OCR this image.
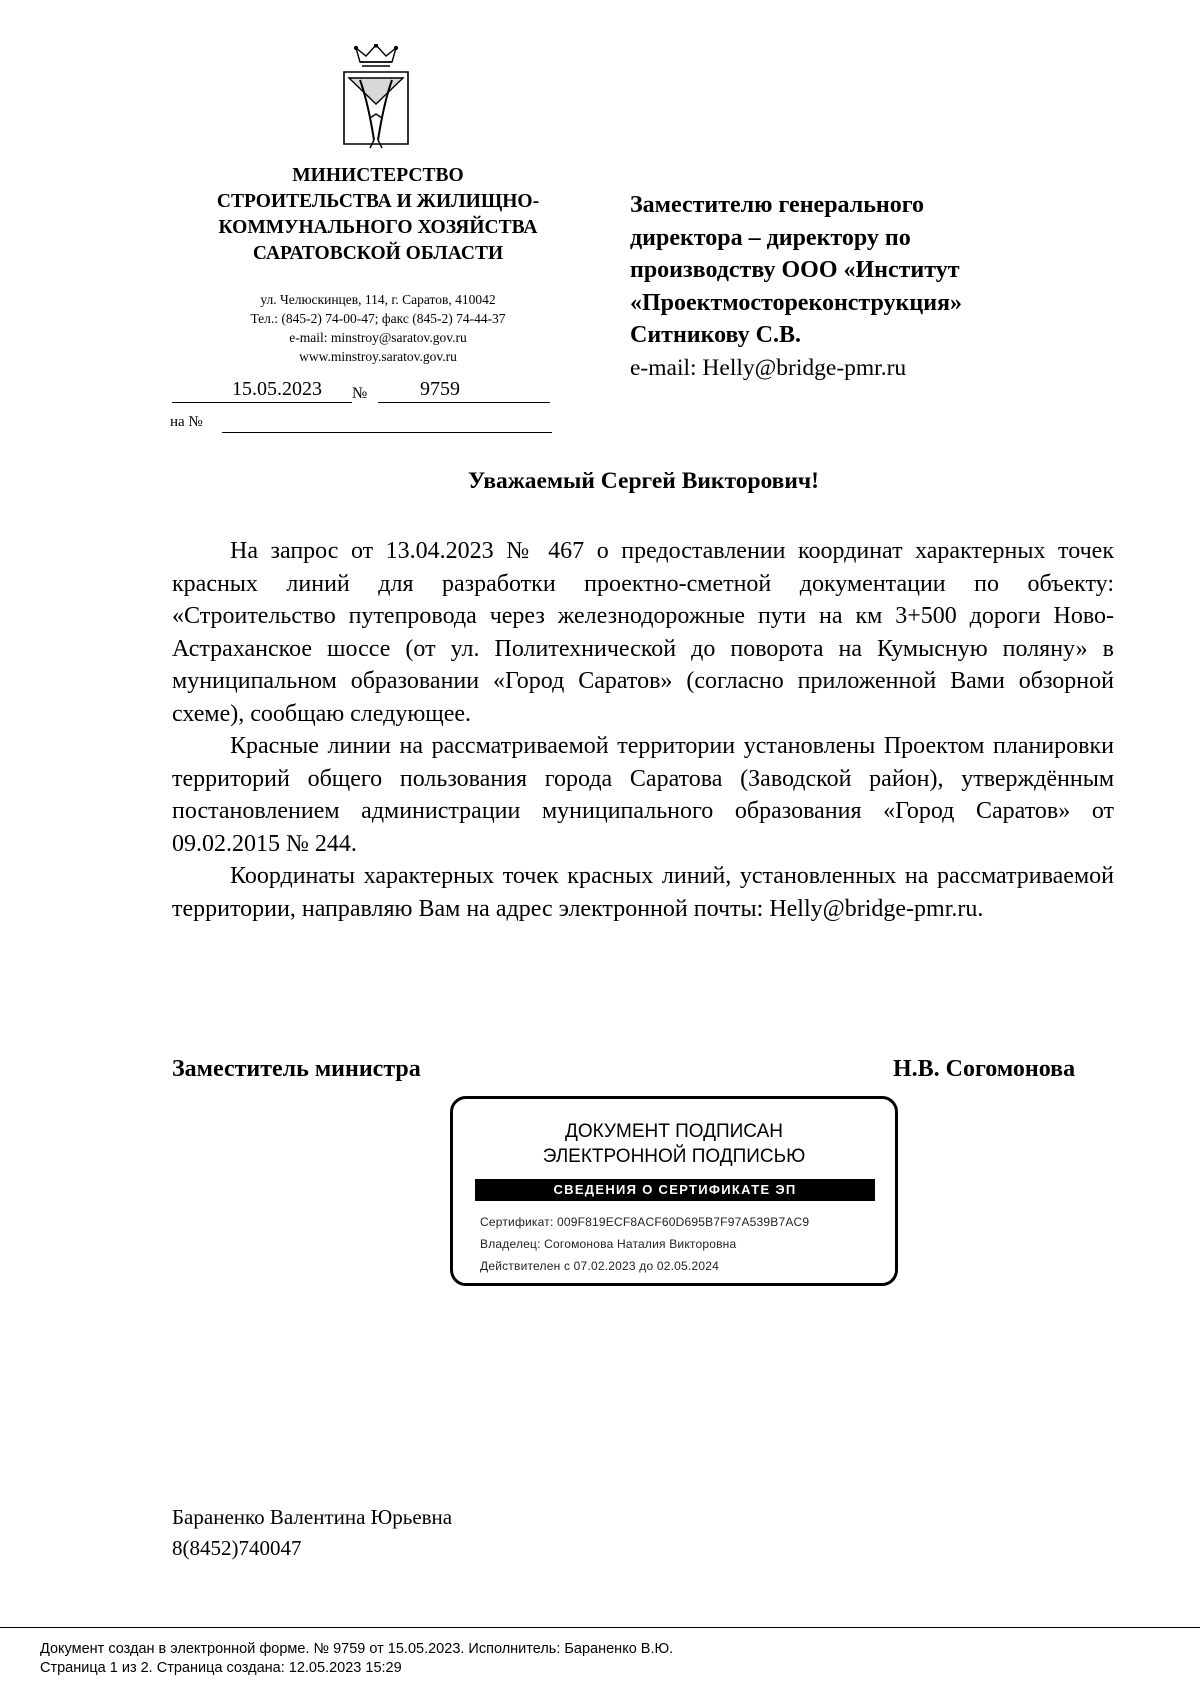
МИНИСТЕРСТВО
СТРОИТЕЛЬСТВА И ЖИЛИЩНО-
КОММУНАЛЬНОГО ХОЗЯЙСТВА
САРАТОВСКОЙ ОБЛАСТИ
ул. Челюскинцев, 114, г. Саратов, 410042
Тел.: (845-2) 74-00-47; факс (845-2) 74-44-37
e-mail: minstroy@saratov.gov.ru
www.minstroy.saratov.gov.ru
15.05.2023 №	9759
на №
Заместителю генерального
директора – директору по
производству ООО «Институт
«Проектмостореконструкция»
Ситникову С.В.
e-mail: Helly@bridge-pmr.ru
Уважаемый Сергей Викторович!

На запрос от 13.04.2023 № 467 о предоставлении координат характерных точек красных линий для разработки проектно-сметной документации по объекту: «Строительство путепровода через железнодорожные пути на км 3+500 дороги Ново-Астраханское шоссе (от ул. Политехнической до поворота на Кумысную поляну» в муниципальном образовании «Город Саратов» (согласно приложенной Вами обзорной схеме), сообщаю следующее.

Красные линии на рассматриваемой территории установлены Проектом планировки территорий общего пользования города Саратова (Заводской район), утверждённым постановлением администрации муниципального образования «Город Саратов» от 09.02.2015 № 244.

Координаты характерных точек красных линий, установленных на рассматриваемой территории, направляю Вам на адрес электронной почты: Helly@bridge-pmr.ru.

Заместитель министра	Н.В. Согомонова
ДОКУМЕНТ ПОДПИСАН
ЭЛЕКТРОННОЙ ПОДПИСЬЮ
СВЕДЕНИЯ О СЕРТИФИКАТЕ ЭП
Сертификат: 009F819ECF8ACF60D695B7F97A539B7AC9
Владелец: Согомонова Наталия Викторовна
Действителен с 07.02.2023 до 02.05.2024
Бараненко Валентина Юрьевна
8(8452)740047
Документ создан в электронной форме. № 9759 от 15.05.2023. Исполнитель: Бараненко В.Ю.
Страница 1 из 2. Страница создана: 12.05.2023 15:29
